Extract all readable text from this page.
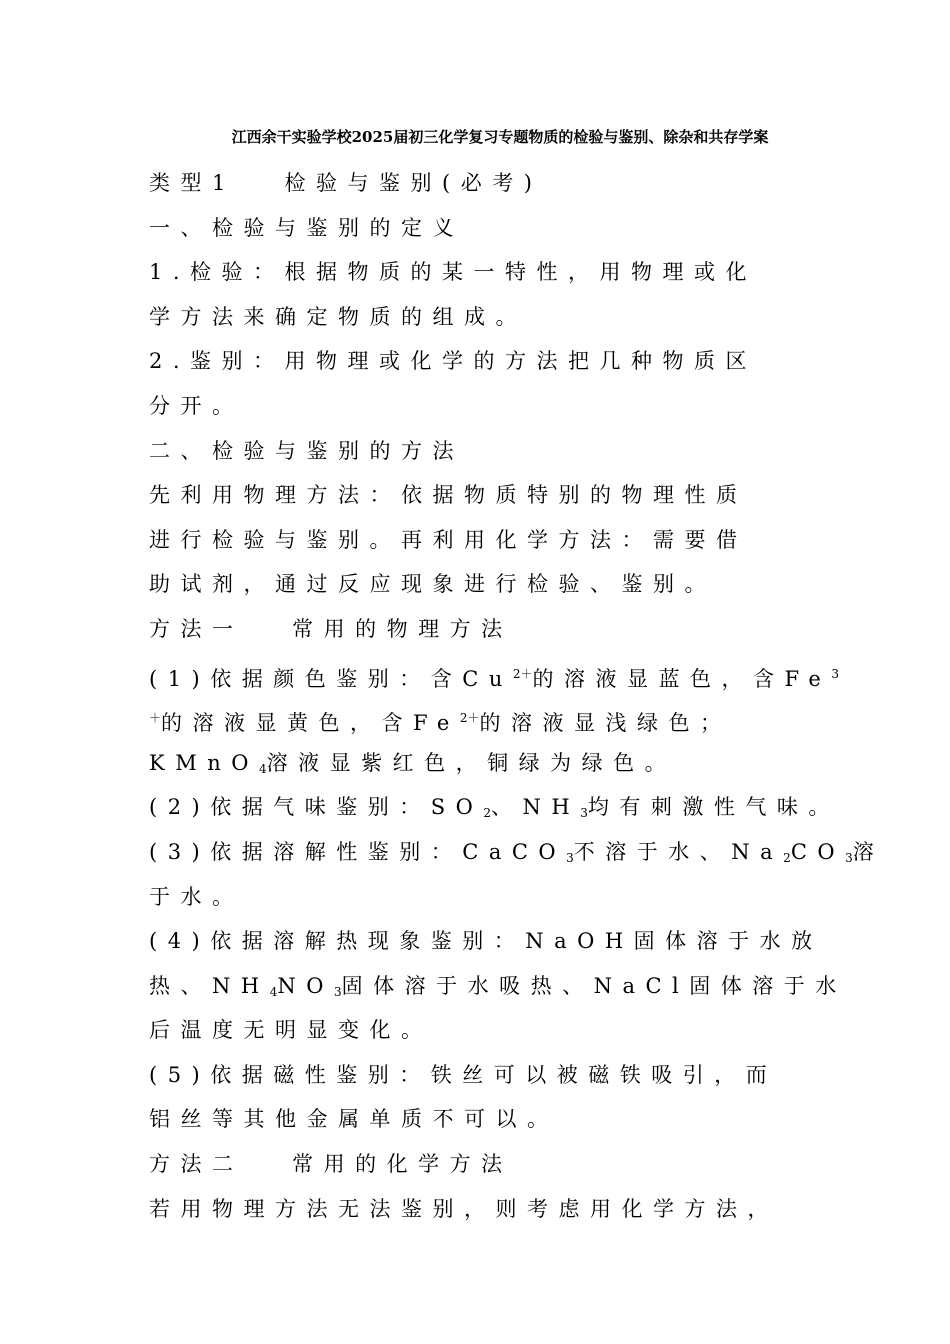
江西余干实验学校2025届初三化学复习专题物质的检验与鉴别、除杂和共存学案
类型1　 检验与鉴别(必考)
一、检验与鉴别的定义
1.检验：根据物质的某一特性，用物理或化
学方法来确定物质的组成。
2.鉴别：用物理或化学的方法把几种物质区
分开。
二、检验与鉴别的方法
先利用物理方法：依据物质特别的物理性质
进行检验与鉴别。再利用化学方法：需要借
助试剂，通过反应现象进行检验、鉴别。
方法一　 常用的物理方法
(1)依据颜色鉴别：含$Cu^{2+}$的溶液显蓝色，含Fe$^3$
＋的溶液显黄色，含$Fe^{2+}$的溶液显浅绿色；
KMnO$_4$溶液显紫红色，铜绿为绿色。
(2)依据气味鉴别：$SO_2$、$NH_3$均有刺激性气味。
(3)依据溶解性鉴别：CaCO$_3$不溶于水、$Na_2CO_3$溶
于水。
(4)依据溶解热现象鉴别：NaOH固体溶于水放
热、$NH_4NO_3$固体溶于水吸热、NaCl固体溶于水
后温度无明显变化。
(5)依据磁性鉴别：铁丝可以被磁铁吸引，而
铝丝等其他金属单质不可以。
方法二　 常用的化学方法
若用物理方法无法鉴别，则考虑用化学方法，
